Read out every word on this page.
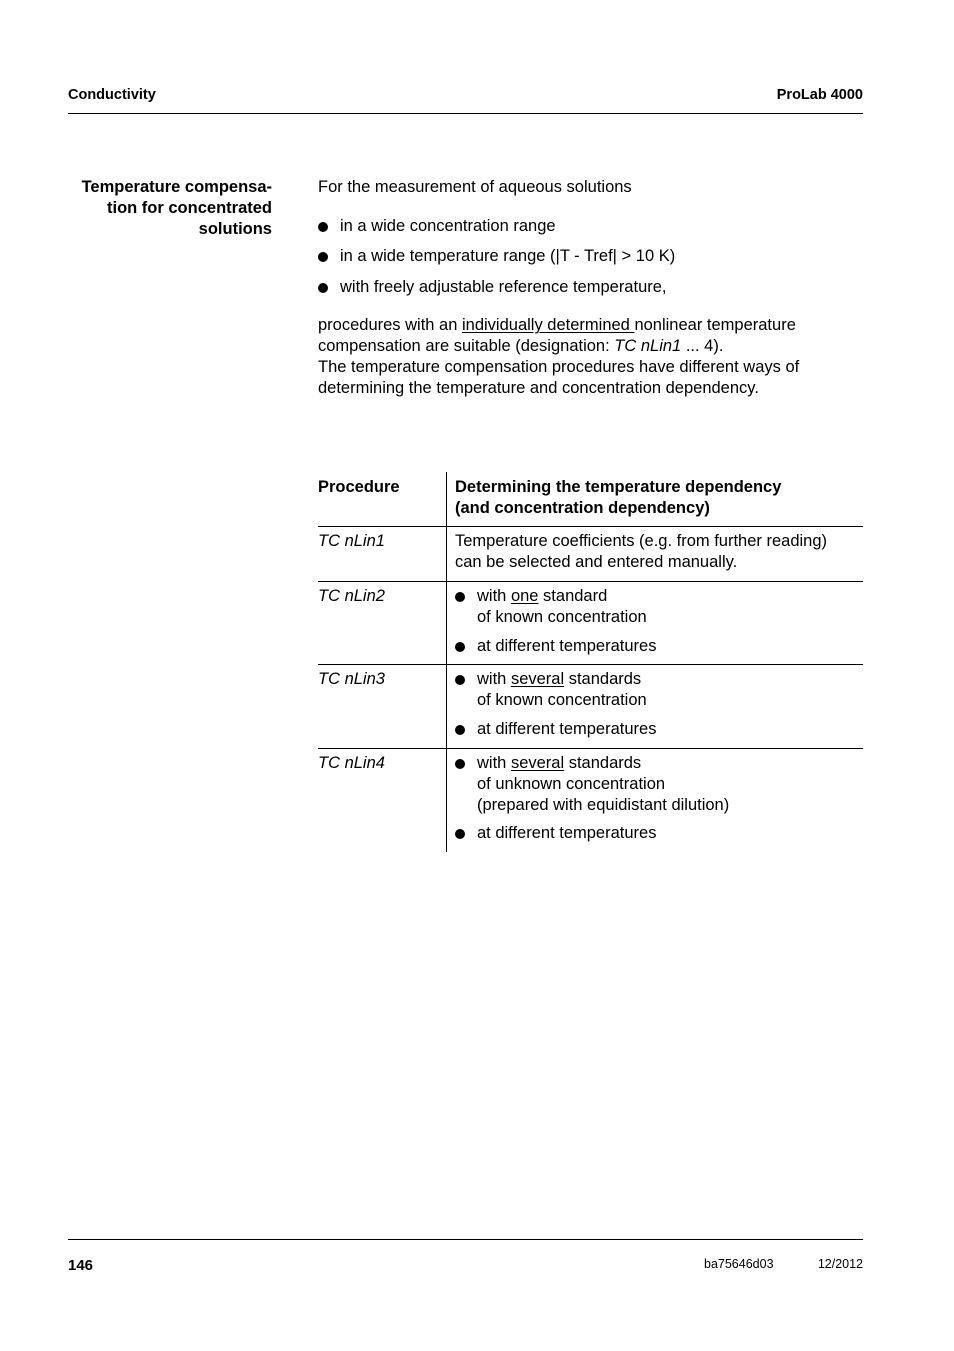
Conductivity	ProLab 4000
Temperature compensa-
tion for concentrated
solutions
For the measurement of aqueous solutions
in a wide concentration range
in a wide temperature range (|T - Tref| > 10 K)
with freely adjustable reference temperature,
procedures with an individually determined nonlinear temperature
compensation are suitable (designation: TC nLin1 ... 4).
The temperature compensation procedures have different ways of
determining the temperature and concentration dependency.
Procedure	Determining the temperature dependency
(and concentration dependency)
TC nLin1	Temperature coefficients (e.g. from further reading)
can be selected and entered manually.
TC nLin2	with one standard
of known concentration
at different temperatures
TC nLin3	with several standards
of known concentration
at different temperatures
TC nLin4	with several standards
of unknown concentration
(prepared with equidistant dilution)
at different temperatures
146	ba75646d03	12/2012
